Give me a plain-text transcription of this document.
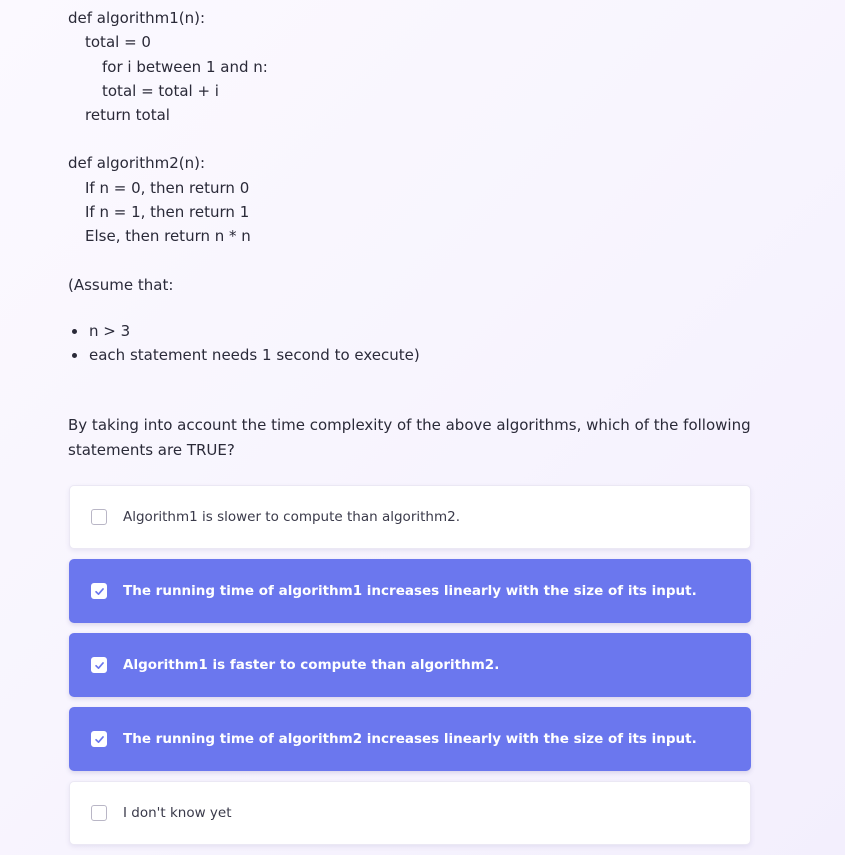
def algorithm1(n):
total = 0
for i between 1 and n:
total = total + i
return total
def algorithm2(n):
If n = 0, then return 0
If n = 1, then return 1
Else, then return n * n
(Assume that:
n > 3
each statement needs 1 second to execute)
By taking into account the time complexity of the above algorithms, which of the following statements are TRUE?
Algorithm1 is slower to compute than algorithm2.
The running time of algorithm1 increases linearly with the size of its input.
Algorithm1 is faster to compute than algorithm2.
The running time of algorithm2 increases linearly with the size of its input.
I don't know yet
